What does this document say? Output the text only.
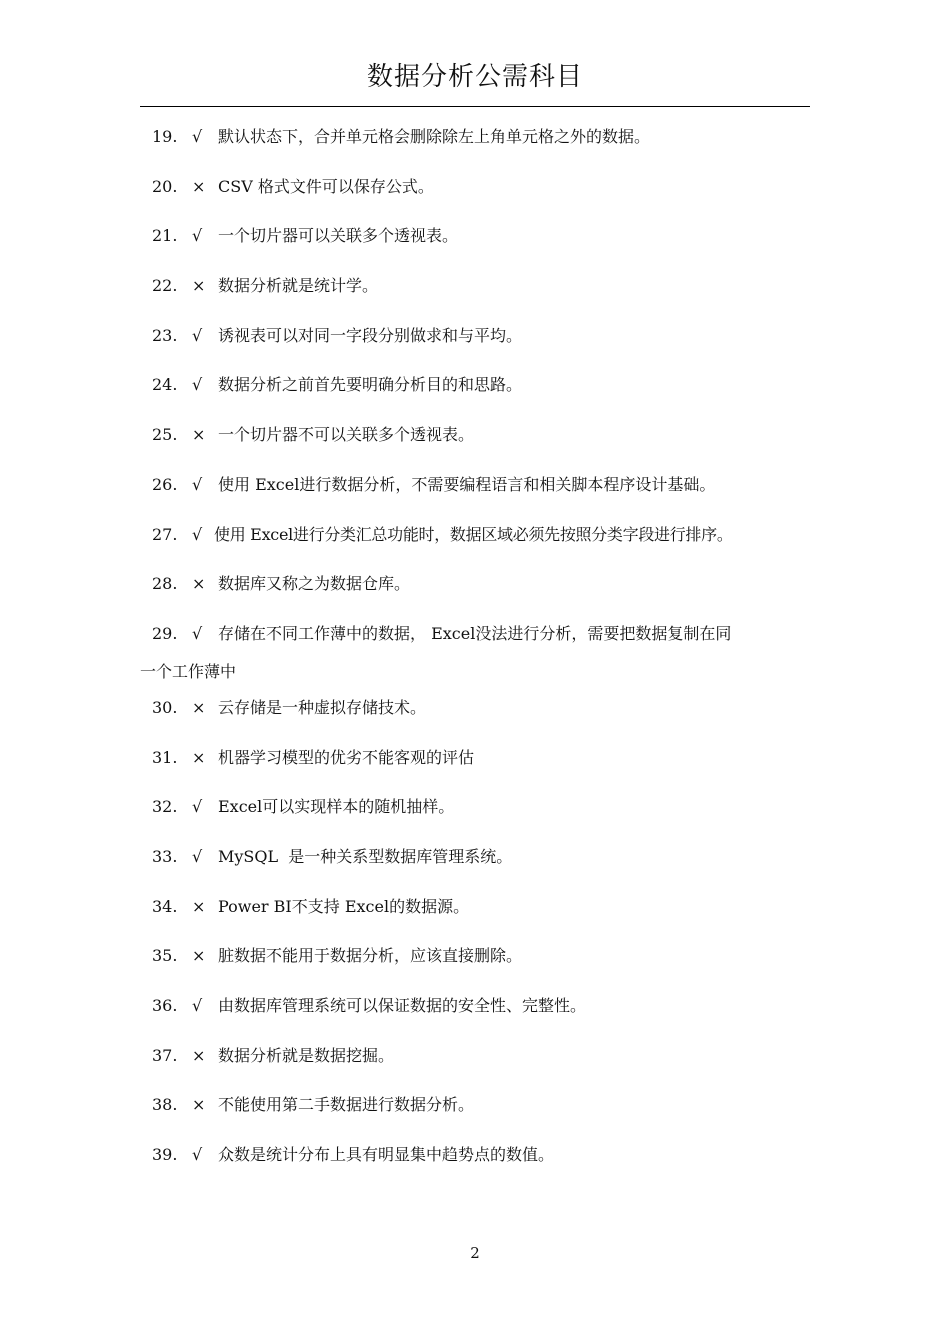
数据分析公需科目
19. √ 默认状态下，合并单元格会删除除左上角单元格之外的数据。
20. × CSV 格式文件可以保存公式。
21. √ 一个切片器可以关联多个透视表。
22. × 数据分析就是统计学。
23. √ 诱视表可以对同一字段分别做求和与平均。
24. √ 数据分析之前首先要明确分析目的和思路。
25. × 一个切片器不可以关联多个透视表。
26. √ 使用 Excel进行数据分析，不需要编程语言和相关脚本程序设计基础。
27. √ 使用 Excel进行分类汇总功能时，数据区域必须先按照分类字段进行排序。
28. × 数据库又称之为数据仓库。
29. √ 存储在不同工作薄中的数据， Excel没法进行分析，需要把数据复制在同
一个工作薄中
30. × 云存储是一种虚拟存储技术。
31. × 机器学习模型的优劣不能客观的评估
32. √ Excel可以实现样本的随机抽样。
33. √ MySQL  是一种关系型数据库管理系统。
34. × Power BI不支持 Excel的数据源。
35. × 脏数据不能用于数据分析，应该直接删除。
36. √ 由数据库管理系统可以保证数据的安全性、完整性。
37. × 数据分析就是数据挖掘。
38. × 不能使用第二手数据进行数据分析。
39. √ 众数是统计分布上具有明显集中趋势点的数值。
2
